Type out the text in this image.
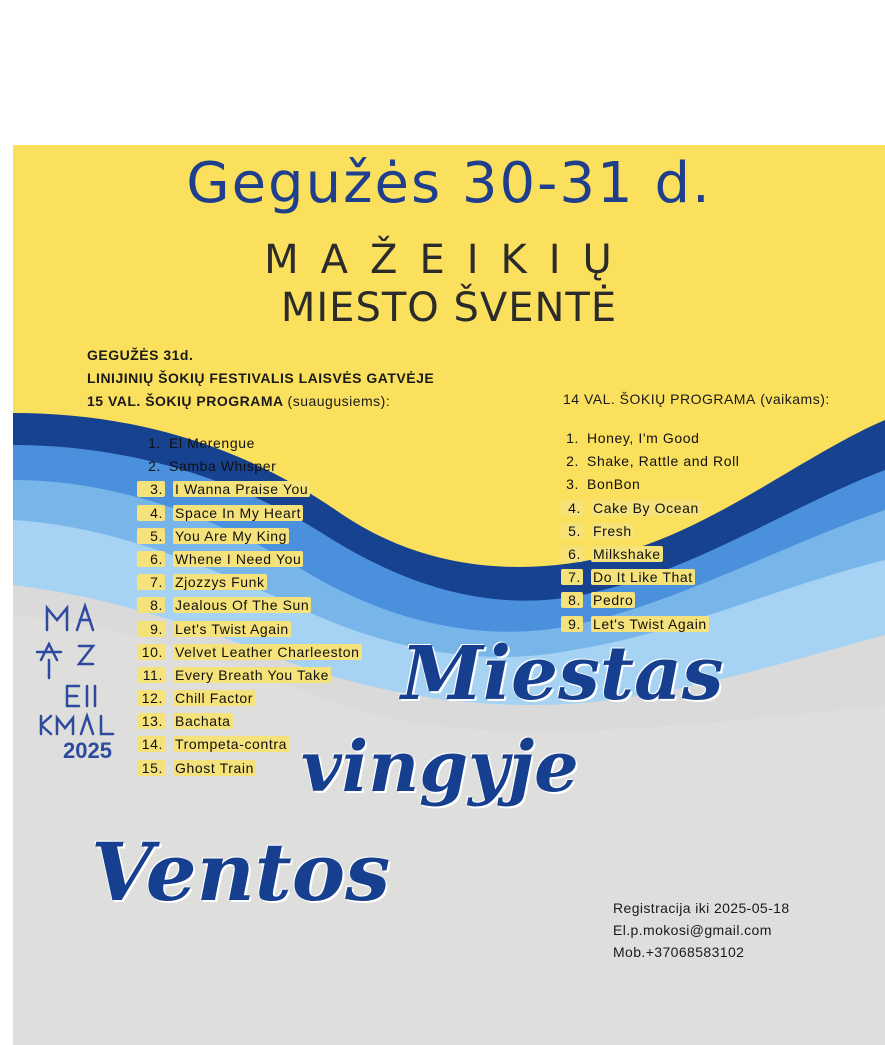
Gegužės 30-31 d.
MAŽEIKIŲ
MIESTO ŠVENTĖ
GEGUŽĖS 31d.
LINIJINIŲ ŠOKIŲ FESTIVALIS LAISVĖS GATVĖJE
15 VAL. ŠOKIŲ PROGRAMA (suaugusiems):	14 VAL. ŠOKIŲ PROGRAMA (vaikams):
1. El Merengue
2. Samba Whisper
3. I Wanna Praise You
4. Space In My Heart
5. You Are My King
6. Whene I Need You
7. Zjozzys Funk
8. Jealous Of The Sun
9. Let's Twist Again
10. Velvet Leather Charleeston
11. Every Breath You Take
12. Chill Factor
13. Bachata
14. Trompeta-contra
15. Ghost Train
1. Honey, I'm Good
2. Shake, Rattle and Roll
3. BonBon
4. Cake By Ocean
5. Fresh
6. Milkshake
7. Do It Like That
8. Pedro
9. Let's Twist Again
2025
Miestas
vingyje
Ventos	Registracija iki 2025-05-18
El.p.mokosi@gmail.com
Mob.+37068583102
